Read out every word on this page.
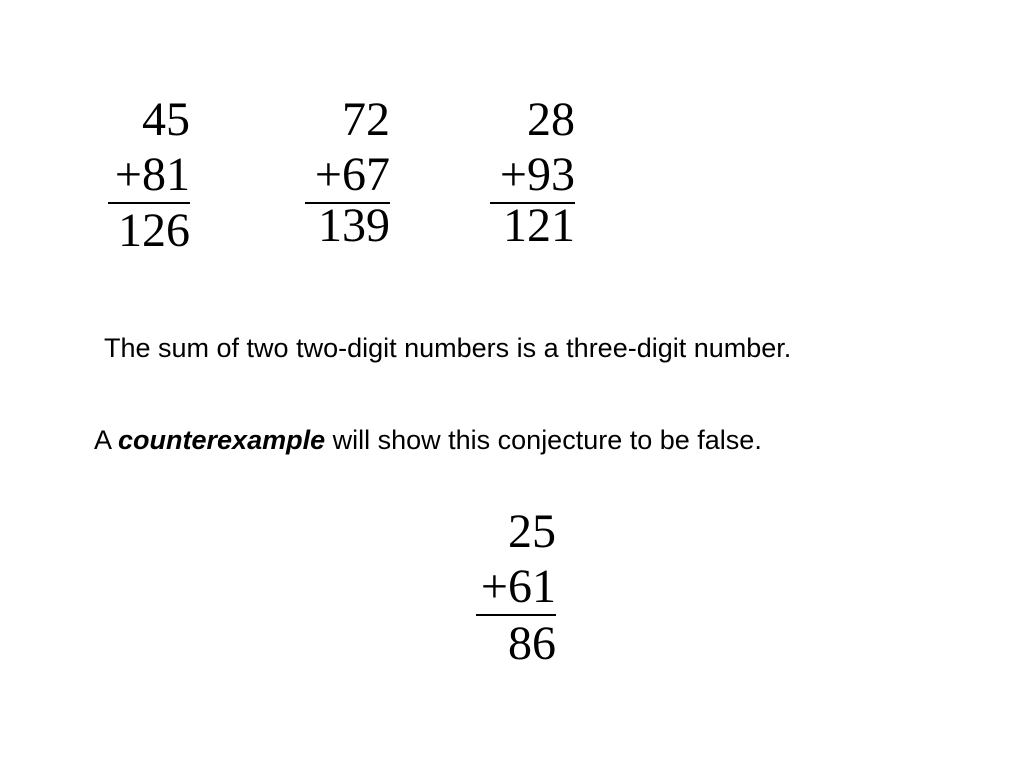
45
+81
126
72
+67
139
28
+93
121
The sum of two two-digit numbers is a three-digit number.
A counterexample will show this conjecture to be false.
25
+61
86
